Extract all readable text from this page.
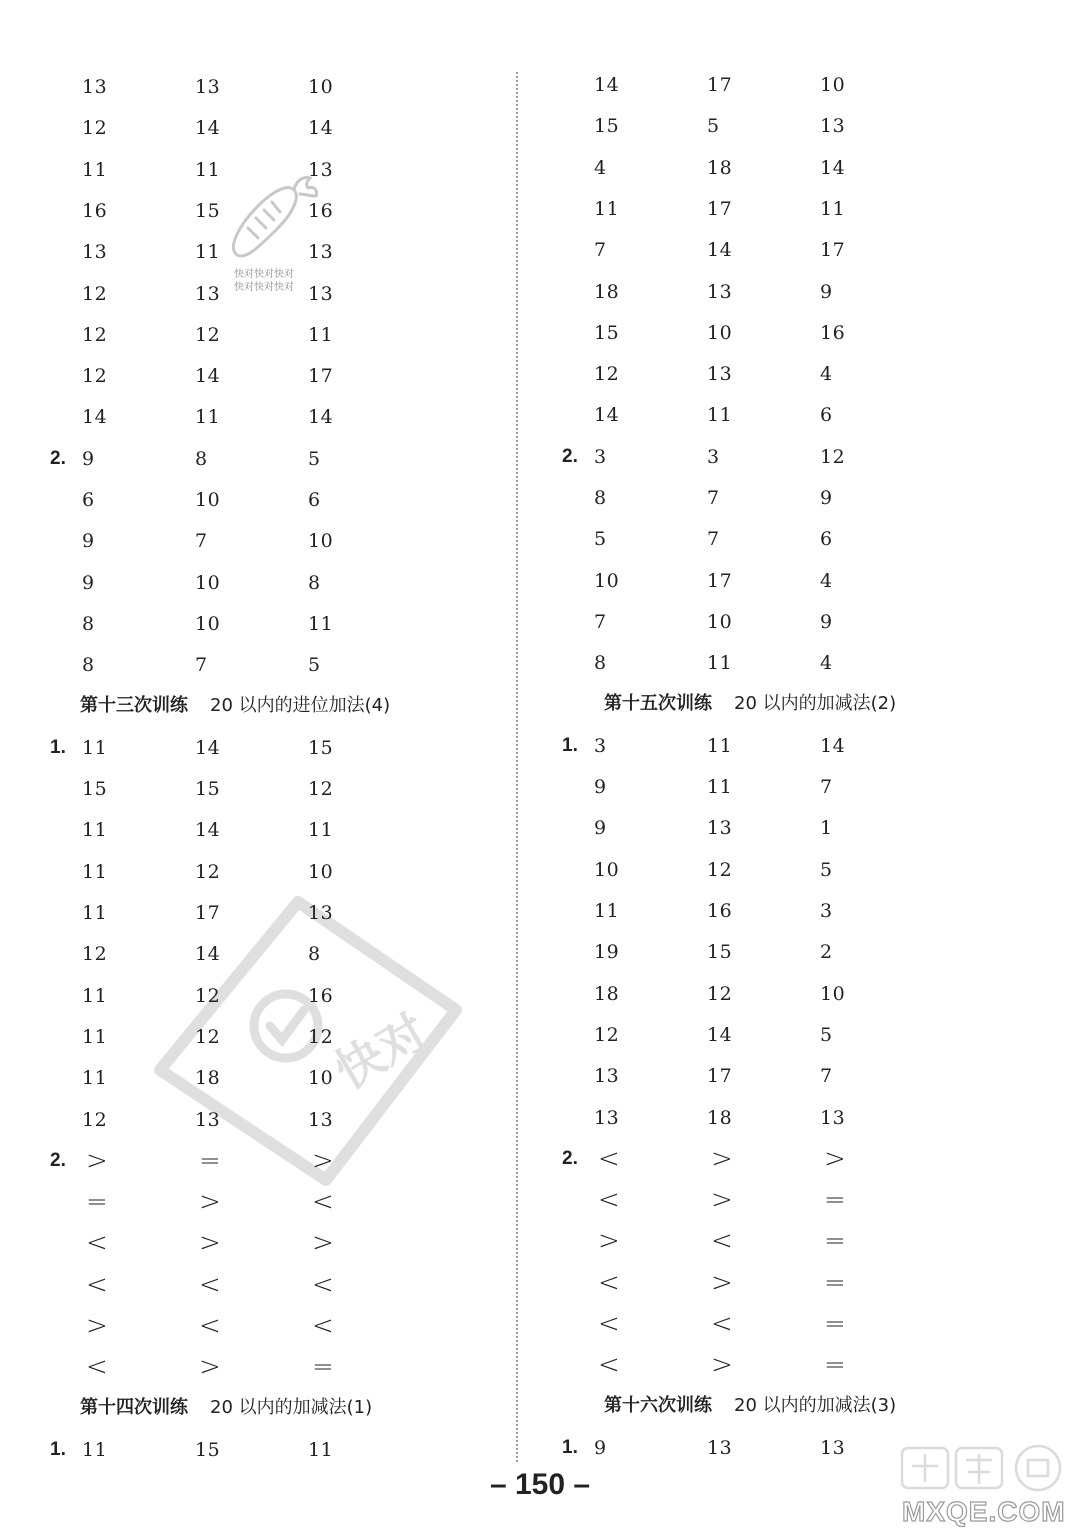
快对快对快对
快对快对快对
快对
13	13	10
12	14	14
11	11	13
16	15	16
13	11	13
12	13	13
12	12	11
12	14	17
14	11	14
2. 9	8	5
6	10	6
9	7	10
9	10	8
8	10	11
8	7	5
第十三次训练 20 以内的进位加法(4)
1. 11	14	15
15	15	12
11	14	11
11	12	10
11	17	13
12	14	8
11	12	16
11	12	12
11	18	10
12	13	13
2. >	=	>
=	>	<
<	>	>
<	<	<
>	<	<
<	>	=
第十四次训练 20 以内的加减法(1)
1. 11	15	11
14	17	10
15	5	13
4	18	14
11	17	11
7	14	17
18	13	9
15	10	16
12	13	4
14	11	6
2. 3	3	12
8	7	9
5	7	6
10	17	4
7	10	9
8	11	4
第十五次训练 20 以内的加减法(2)
1. 3	11	14
9	11	7
9	13	1
10	12	5
11	16	3
19	15	2
18	12	10
12	14	5
13	17	7
13	18	13
2. <	>	>
<	>	=
>	<	=
<	>	=
<	<	=
<	>	=
第十六次训练 20 以内的加减法(3)
1. 9	13	13
– 150 –
MXQE.COM
